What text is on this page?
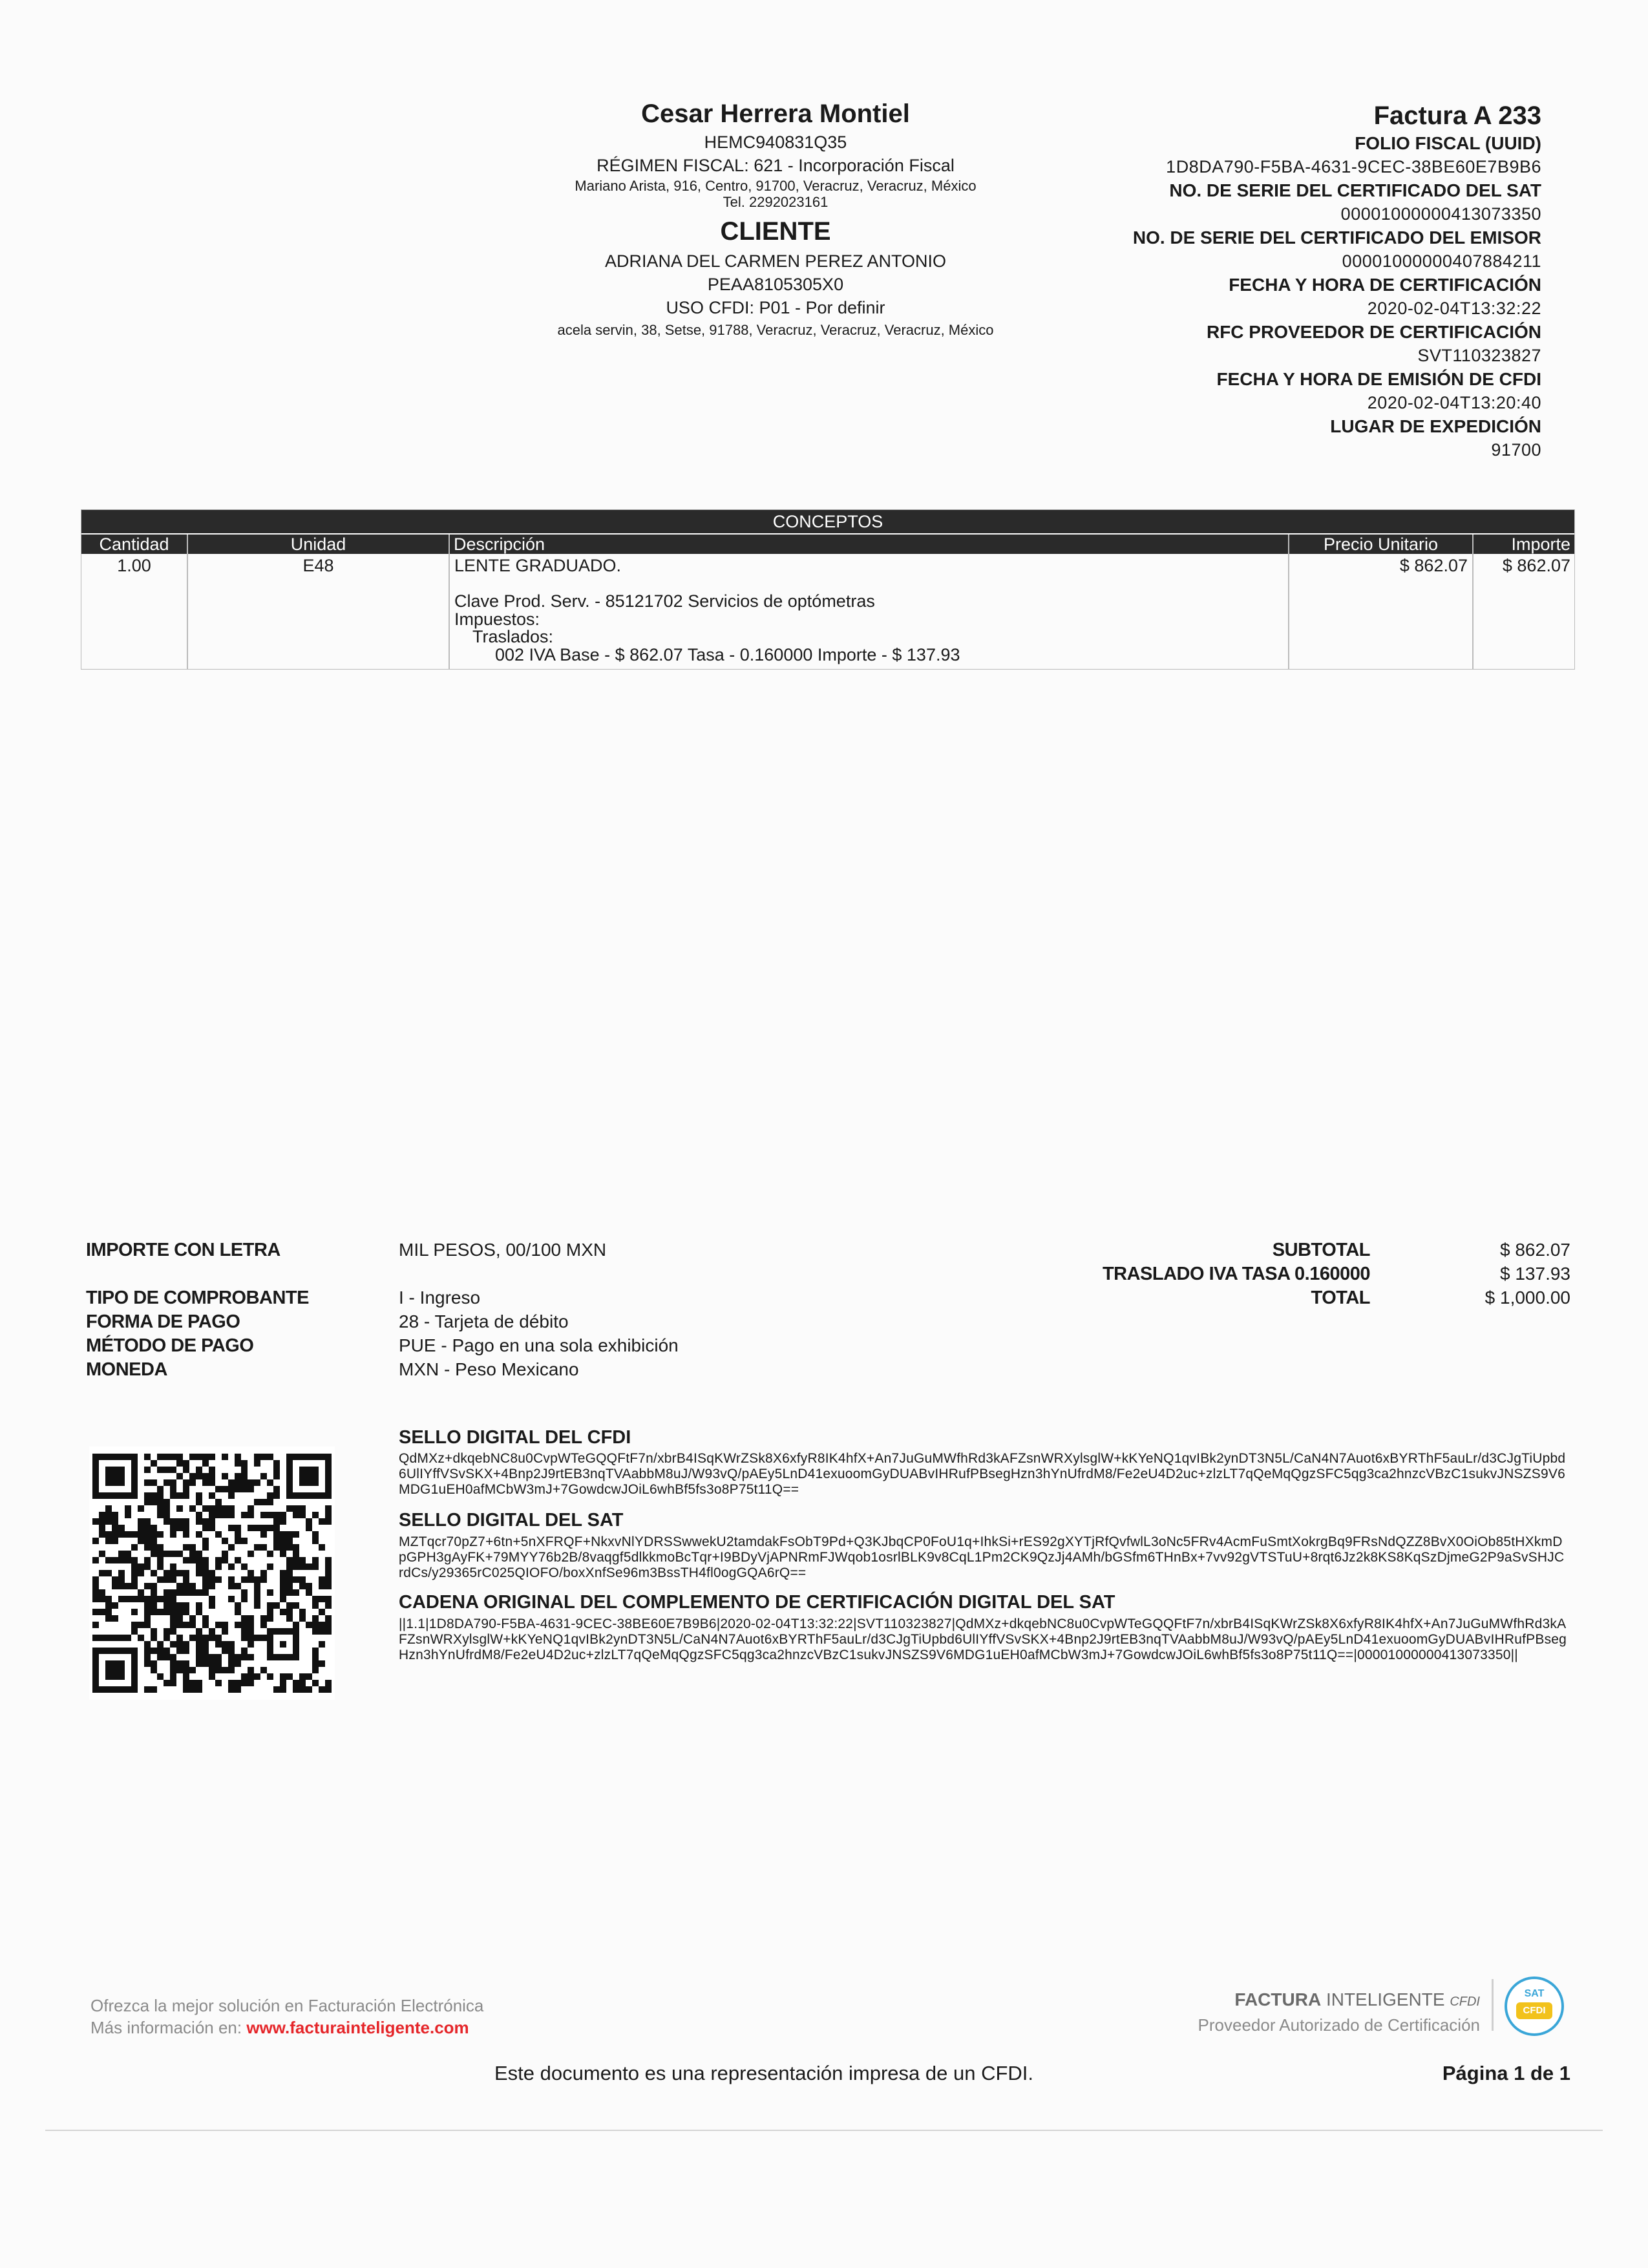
Cesar Herrera Montiel
HEMC940831Q35
RÉGIMEN FISCAL: 621 - Incorporación Fiscal
Mariano Arista, 916, Centro, 91700, Veracruz, Veracruz, México
Tel. 2292023161
CLIENTE
ADRIANA DEL CARMEN PEREZ ANTONIO
PEAA8105305X0
USO CFDI: P01 - Por definir
acela servin, 38, Setse, 91788, Veracruz, Veracruz, Veracruz, México
Factura A 233
FOLIO FISCAL (UUID)
1D8DA790-F5BA-4631-9CEC-38BE60E7B9B6
NO. DE SERIE DEL CERTIFICADO DEL SAT
00001000000413073350
NO. DE SERIE DEL CERTIFICADO DEL EMISOR
00001000000407884211
FECHA Y HORA DE CERTIFICACIÓN
2020-02-04T13:32:22
RFC PROVEEDOR DE CERTIFICACIÓN
SVT110323827
FECHA Y HORA DE EMISIÓN DE CFDI
2020-02-04T13:20:40
LUGAR DE EXPEDICIÓN
91700
CONCEPTOS
Cantidad	Unidad	Descripción	Precio Unitario	Importe
1.00	E48	LENTE GRADUADO.
Clave Prod. Serv. - 85121702 Servicios de optómetras
Impuestos:
Traslados:
002 IVA Base - $ 862.07 Tasa - 0.160000 Importe - $ 137.93
$ 862.07	$ 862.07
IMPORTE CON LETRA	MIL PESOS, 00/100 MXN
TIPO DE COMPROBANTE	I - Ingreso
FORMA DE PAGO	28 - Tarjeta de débito
MÉTODO DE PAGO	PUE - Pago en una sola exhibición
MONEDA	MXN - Peso Mexicano
SUBTOTAL	$ 862.07
TRASLADO IVA TASA 0.160000	$ 137.93
TOTAL	$ 1,000.00
SELLO DIGITAL DEL CFDI
QdMXz+dkqebNC8u0CvpWTeGQQFtF7n/xbrB4ISqKWrZSk8X6xfyR8IK4hfX+An7JuGuMWfhRd3kAFZsnWRXylsglW+kKYeNQ1qvIBk2ynDT3N5L/CaN4N7Auot6xBYRThF5auLr/d3CJgTiUpbd6UlIYffVSvSKX+4Bnp2J9rtEB3nqTVAabbM8uJ/W93vQ/pAEy5LnD41exuoomGyDUABvIHRufPBsegHzn3hYnUfrdM8/Fe2eU4D2uc+zlzLT7qQeMqQgzSFC5qg3ca2hnzcVBzC1sukvJNSZS9V6MDG1uEH0afMCbW3mJ+7GowdcwJOiL6whBf5fs3o8P75t11Q==
SELLO DIGITAL DEL SAT
MZTqcr70pZ7+6tn+5nXFRQF+NkxvNlYDRSSwwekU2tamdakFsObT9Pd+Q3KJbqCP0FoU1q+IhkSi+rES92gXYTjRfQvfwlL3oNc5FRv4AcmFuSmtXokrgBq9FRsNdQZZ8BvX0OiOb85tHXkmDpGPH3gAyFK+79MYY76b2B/8vaqgf5dlkkmoBcTqr+I9BDyVjAPNRmFJWqob1osrlBLK9v8CqL1Pm2CK9QzJj4AMh/bGSfm6THnBx+7vv92gVTSTuU+8rqt6Jz2k8KS8KqSzDjmeG2P9aSvSHJCrdCs/y29365rC025QIOFO/boxXnfSe96m3BssTH4fl0ogGQA6rQ==
CADENA ORIGINAL DEL COMPLEMENTO DE CERTIFICACIÓN DIGITAL DEL SAT
||1.1|1D8DA790-F5BA-4631-9CEC-38BE60E7B9B6|2020-02-04T13:32:22|SVT110323827|QdMXz+dkqebNC8u0CvpWTeGQQFtF7n/xbrB4ISqKWrZSk8X6xfyR8IK4hfX+An7JuGuMWfhRd3kAFZsnWRXylsglW+kKYeNQ1qvIBk2ynDT3N5L/CaN4N7Auot6xBYRThF5auLr/d3CJgTiUpbd6UlIYffVSvSKX+4Bnp2J9rtEB3nqTVAabbM8uJ/W93vQ/pAEy5LnD41exuoomGyDUABvIHRufPBsegHzn3hYnUfrdM8/Fe2eU4D2uc+zlzLT7qQeMqQgzSFC5qg3ca2hnzcVBzC1sukvJNSZS9V6MDG1uEH0afMCbW3mJ+7GowdcwJOiL6whBf5fs3o8P75t11Q==|00001000000413073350||
Ofrezca la mejor solución en Facturación Electrónica
Más información en: www.facturainteligente.com
FACTURA INTELIGENTE CFDI
Proveedor Autorizado de Certificación
SAT
CFDI
Este documento es una representación impresa de un CFDI.	Página 1 de 1
